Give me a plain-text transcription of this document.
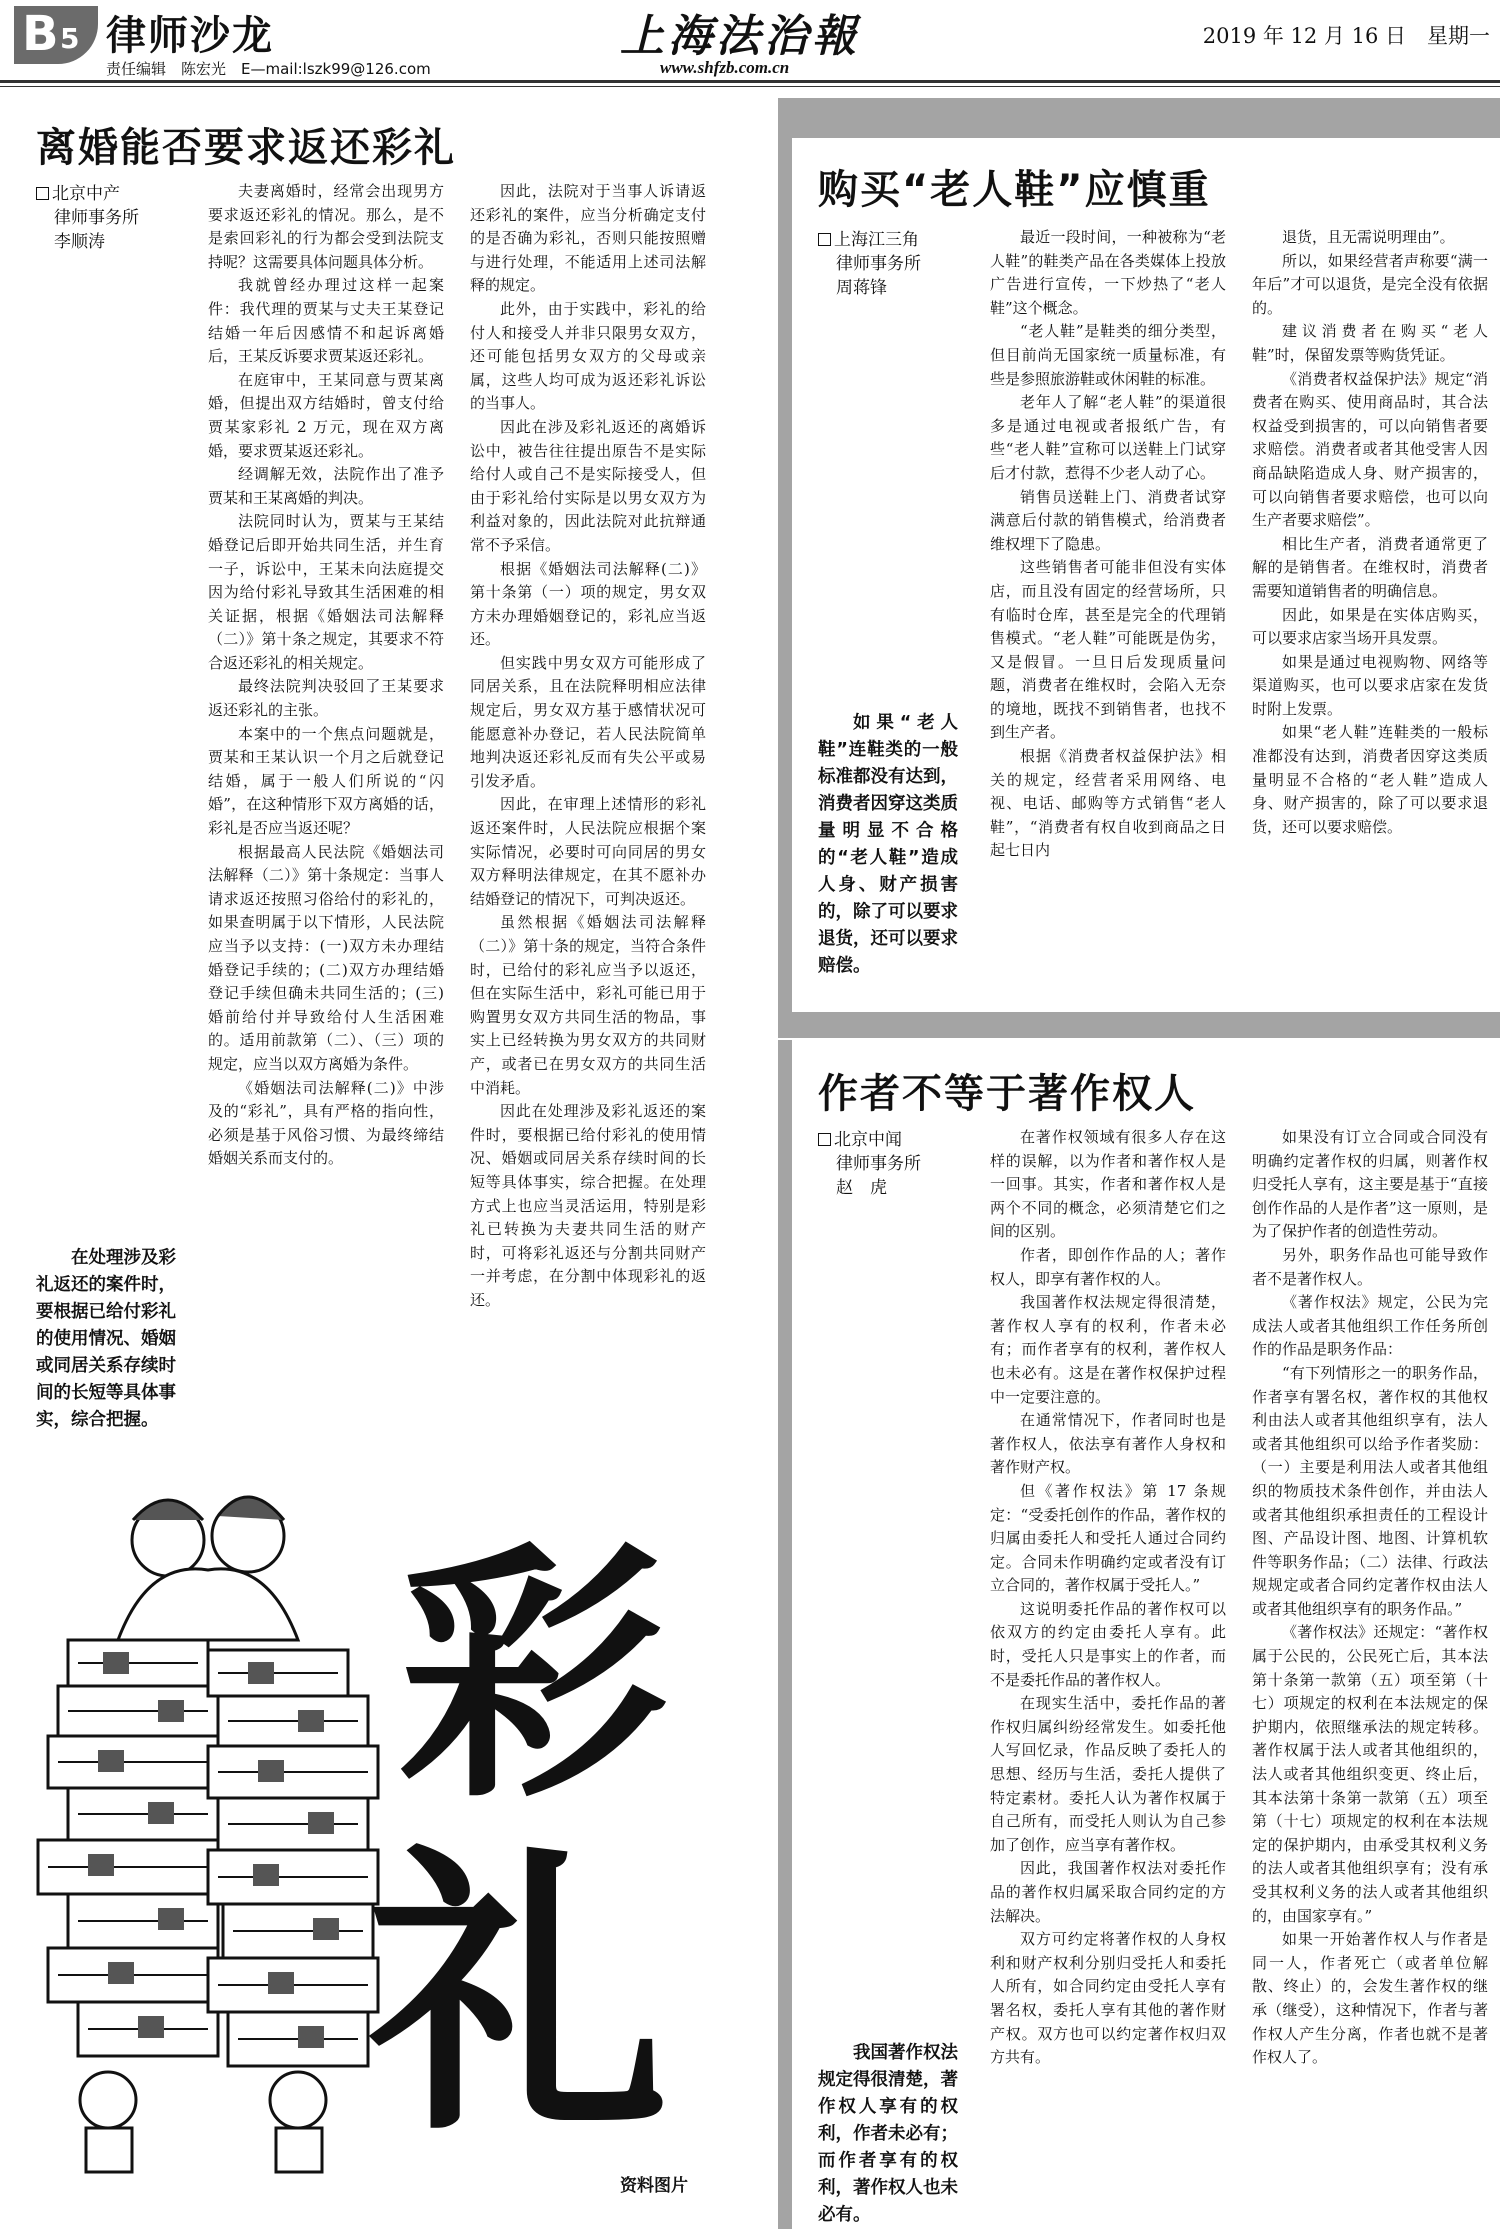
B 5 律师沙龙
责任编辑　陈宏光　E—mail:lszk99@126.com
上海法治報
www.shfzb.com.cn
2019 年 12 月 16 日　星期一
离婚能否要求返还彩礼
北京中产
律师事务所
李顺涛

在处理涉及彩礼返还的案件时，要根据已给付彩礼的使用情况、婚姻或同居关系存续时间的长短等具体事实，综合把握。

夫妻离婚时，经常会出现男方要求返还彩礼的情况。那么，是不是索回彩礼的行为都会受到法院支持呢？这需要具体问题具体分析。

我就曾经办理过这样一起案件：我代理的贾某与丈夫王某登记结婚一年后因感情不和起诉离婚后，王某反诉要求贾某返还彩礼。

在庭审中，王某同意与贾某离婚，但提出双方结婚时，曾支付给贾某家彩礼 2 万元，现在双方离婚，要求贾某返还彩礼。

经调解无效，法院作出了准予贾某和王某离婚的判决。

法院同时认为，贾某与王某结婚登记后即开始共同生活，并生育一子，诉讼中，王某未向法庭提交因为给付彩礼导致其生活困难的相关证据，根据《婚姻法司法解释（二）》第十条之规定，其要求不符合返还彩礼的相关规定。

最终法院判决驳回了王某要求返还彩礼的主张。

本案中的一个焦点问题就是，贾某和王某认识一个月之后就登记结婚，属于一般人们所说的“闪婚”，在这种情形下双方离婚的话，彩礼是否应当返还呢？

根据最高人民法院《婚姻法司法解释（二）》第十条规定：当事人请求返还按照习俗给付的彩礼的，如果查明属于以下情形，人民法院应当予以支持：(一)双方未办理结婚登记手续的；(二)双方办理结婚登记手续但确未共同生活的；(三)婚前给付并导致给付人生活困难的。适用前款第（二）、（三）项的规定，应当以双方离婚为条件。

《婚姻法司法解释(二)》中涉及的“彩礼”，具有严格的指向性，必须是基于风俗习惯、为最终缔结婚姻关系而支付的。

因此，法院对于当事人诉请返还彩礼的案件，应当分析确定支付的是否确为彩礼，否则只能按照赠与进行处理，不能适用上述司法解释的规定。

此外，由于实践中，彩礼的给付人和接受人并非只限男女双方，还可能包括男女双方的父母或亲属，这些人均可成为返还彩礼诉讼的当事人。

因此在涉及彩礼返还的离婚诉讼中，被告往往提出原告不是实际给付人或自己不是实际接受人，但由于彩礼给付实际是以男女双方为利益对象的，因此法院对此抗辩通常不予采信。

根据《婚姻法司法解释(二)》第十条第（一）项的规定，男女双方未办理婚姻登记的，彩礼应当返还。

但实践中男女双方可能形成了同居关系，且在法院释明相应法律规定后，男女双方基于感情状况可能愿意补办登记，若人民法院简单地判决返还彩礼反而有失公平或易引发矛盾。

因此，在审理上述情形的彩礼返还案件时，人民法院应根据个案实际情况，必要时可向同居的男女双方释明法律规定，在其不愿补办结婚登记的情况下，可判决返还。

虽然根据《婚姻法司法解释（二）》第十条的规定，当符合条件时，已给付的彩礼应当予以返还，但在实际生活中，彩礼可能已用于购置男女双方共同生活的物品，事实上已经转换为男女双方的共同财产，或者已在男女双方的共同生活中消耗。

因此在处理涉及彩礼返还的案件时，要根据已给付彩礼的使用情况、婚姻或同居关系存续时间的长短等具体事实，综合把握。在处理方式上也应当灵活运用，特别是彩礼已转换为夫妻共同生活的财产时，可将彩礼返还与分割共同财产一并考虑，在分割中体现彩礼的返还。

彩
礼
资料图片
购买“老人鞋”应慎重
上海江三角
律师事务所
周蒋锋

如果“老人鞋”连鞋类的一般标准都没有达到，消费者因穿这类质量明显不合格的“老人鞋”造成人身、财产损害的，除了可以要求退货，还可以要求赔偿。

最近一段时间，一种被称为“老人鞋”的鞋类产品在各类媒体上投放广告进行宣传，一下炒热了“老人鞋”这个概念。

“老人鞋”是鞋类的细分类型，但目前尚无国家统一质量标准，有些是参照旅游鞋或休闲鞋的标准。

老年人了解“老人鞋”的渠道很多是通过电视或者报纸广告，有些“老人鞋”宣称可以送鞋上门试穿后才付款，惹得不少老人动了心。

销售员送鞋上门、消费者试穿满意后付款的销售模式，给消费者维权埋下了隐患。

这些销售者可能非但没有实体店，而且没有固定的经营场所，只有临时仓库，甚至是完全的代理销售模式。“老人鞋”可能既是伪劣，又是假冒。一旦日后发现质量问题，消费者在维权时，会陷入无奈的境地，既找不到销售者，也找不到生产者。

根据《消费者权益保护法》相关的规定，经营者采用网络、电视、电话、邮购等方式销售“老人鞋”，“消费者有权自收到商品之日起七日内

退货，且无需说明理由”。

所以，如果经营者声称要“满一年后”才可以退货，是完全没有依据的。

建议消费者在购买“老人鞋”时，保留发票等购货凭证。

《消费者权益保护法》规定“消费者在购买、使用商品时，其合法权益受到损害的，可以向销售者要求赔偿。消费者或者其他受害人因商品缺陷造成人身、财产损害的，可以向销售者要求赔偿，也可以向生产者要求赔偿”。

相比生产者，消费者通常更了解的是销售者。在维权时，消费者需要知道销售者的明确信息。

因此，如果是在实体店购买，可以要求店家当场开具发票。

如果是通过电视购物、网络等渠道购买，也可以要求店家在发货时附上发票。

如果“老人鞋”连鞋类的一般标准都没有达到，消费者因穿这类质量明显不合格的“老人鞋”造成人身、财产损害的，除了可以要求退货，还可以要求赔偿。

作者不等于著作权人
北京中闻
律师事务所
赵　虎

我国著作权法规定得很清楚，著作权人享有的权利，作者未必有；而作者享有的权利，著作权人也未必有。

在著作权领域有很多人存在这样的误解，以为作者和著作权人是一回事。其实，作者和著作权人是两个不同的概念，必须清楚它们之间的区别。

作者，即创作作品的人；著作权人，即享有著作权的人。

我国著作权法规定得很清楚，著作权人享有的权利，作者未必有；而作者享有的权利，著作权人也未必有。这是在著作权保护过程中一定要注意的。

在通常情况下，作者同时也是著作权人，依法享有著作人身权和著作财产权。

但《著作权法》第 17 条规定：“受委托创作的作品，著作权的归属由委托人和受托人通过合同约定。合同未作明确约定或者没有订立合同的，著作权属于受托人。”

这说明委托作品的著作权可以依双方的约定由委托人享有。此时，受托人只是事实上的作者，而不是委托作品的著作权人。

在现实生活中，委托作品的著作权归属纠纷经常发生。如委托他人写回忆录，作品反映了委托人的思想、经历与生活，委托人提供了特定素材。委托人认为著作权属于自己所有，而受托人则认为自己参加了创作，应当享有著作权。

因此，我国著作权法对委托作品的著作权归属采取合同约定的方法解决。

双方可约定将著作权的人身权利和财产权利分别归受托人和委托人所有，如合同约定由受托人享有署名权，委托人享有其他的著作财产权。双方也可以约定著作权归双方共有。

如果没有订立合同或合同没有明确约定著作权的归属，则著作权归受托人享有，这主要是基于“直接创作作品的人是作者”这一原则，是为了保护作者的创造性劳动。

另外，职务作品也可能导致作者不是著作权人。

《著作权法》规定，公民为完成法人或者其他组织工作任务所创作的作品是职务作品：

“有下列情形之一的职务作品，作者享有署名权，著作权的其他权利由法人或者其他组织享有，法人或者其他组织可以给予作者奖励：（一）主要是利用法人或者其他组织的物质技术条件创作，并由法人或者其他组织承担责任的工程设计图、产品设计图、地图、计算机软件等职务作品；（二）法律、行政法规规定或者合同约定著作权由法人或者其他组织享有的职务作品。”

《著作权法》还规定：“著作权属于公民的，公民死亡后，其本法第十条第一款第（五）项至第（十七）项规定的权利在本法规定的保护期内，依照继承法的规定转移。著作权属于法人或者其他组织的，法人或者其他组织变更、终止后，其本法第十条第一款第（五）项至第（十七）项规定的权利在本法规定的保护期内，由承受其权利义务的法人或者其他组织享有；没有承受其权利义务的法人或者其他组织的，由国家享有。”

如果一开始著作权人与作者是同一人，作者死亡（或者单位解散、终止）的，会发生著作权的继承（继受），这种情况下，作者与著作权人产生分离，作者也就不是著作权人了。
